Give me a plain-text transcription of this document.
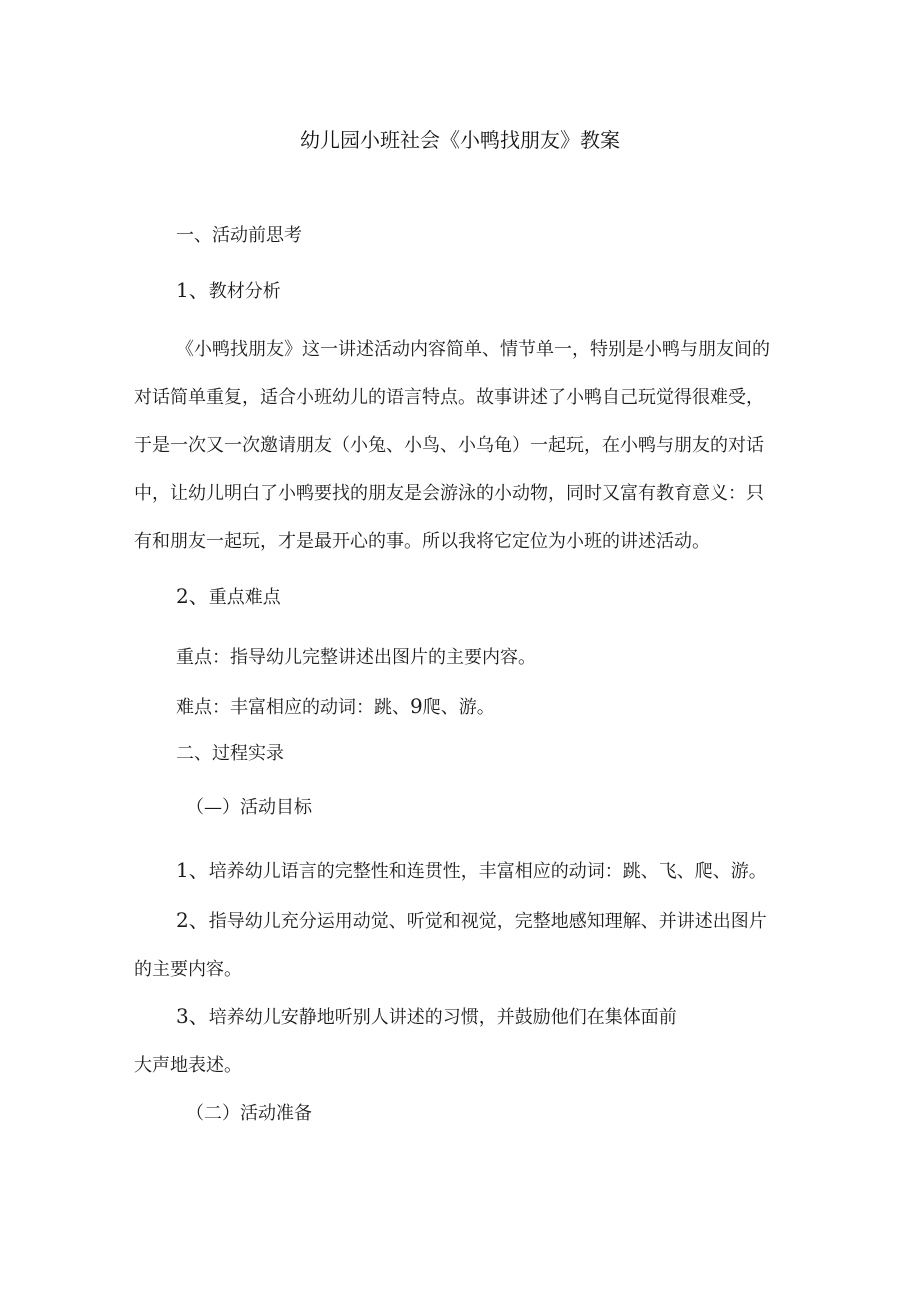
幼儿园小班社会《小鸭找朋友》教案
一、活动前思考
1、教材分析
《小鸭找朋友》这一讲述活动内容简单、情节单一，特别是小鸭与朋友间的
对话简单重复，适合小班幼儿的语言特点。故事讲述了小鸭自己玩觉得很难受，
于是一次又一次邀请朋友（小兔、小鸟、小乌龟）一起玩，在小鸭与朋友的对话
中，让幼儿明白了小鸭要找的朋友是会游泳的小动物，同时又富有教育意义：只
有和朋友一起玩，才是最开心的事。所以我将它定位为小班的讲述活动。
2、重点难点
重点：指导幼儿完整讲述出图片的主要内容。
难点：丰富相应的动词：跳、9爬、游。
二、过程实录
（—）活动目标
1、培养幼儿语言的完整性和连贯性，丰富相应的动词：跳、飞、爬、游。
2、指导幼儿充分运用动觉、听觉和视觉，完整地感知理解、并讲述出图片
的主要内容。
3、培养幼儿安静地听别人讲述的习惯，并鼓励他们在集体面前
大声地表述。
（二）活动准备
